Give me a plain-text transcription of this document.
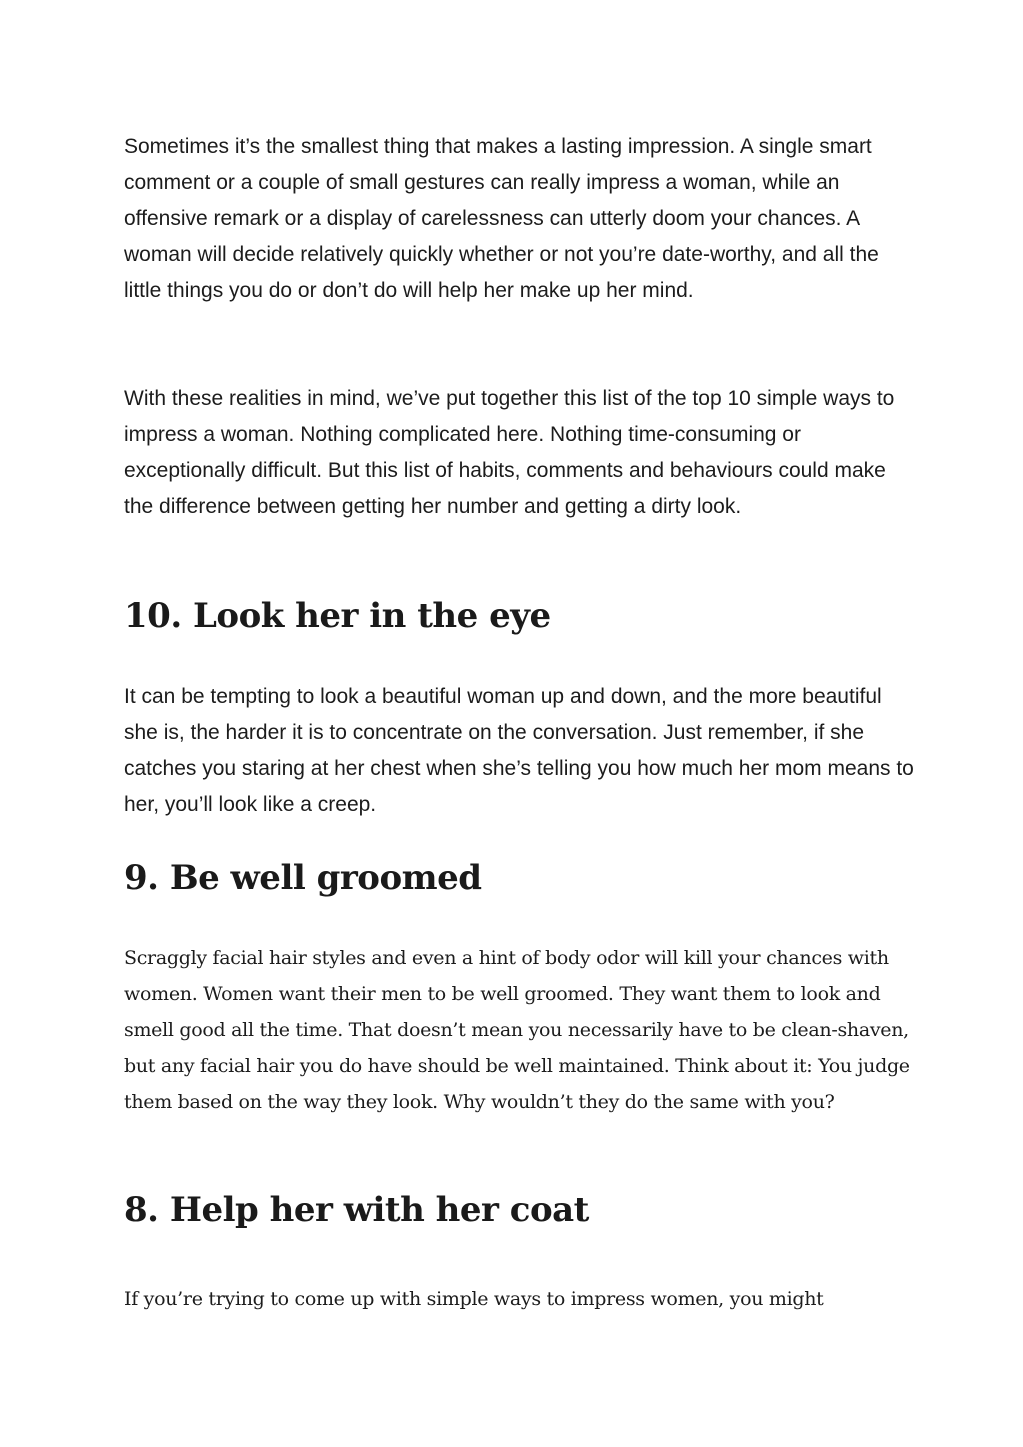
Sometimes it’s the smallest thing that makes a lasting impression. A single smart comment or a couple of small gestures can really impress a woman, while an offensive remark or a display of carelessness can utterly doom your chances. A woman will decide relatively quickly whether or not you’re date-worthy, and all the little things you do or don’t do will help her make up her mind.

With these realities in mind, we’ve put together this list of the top 10 simple ways to impress a woman. Nothing complicated here. Nothing time-consuming or exceptionally difficult. But this list of habits, comments and behaviours could make the difference between getting her number and getting a dirty look.

10. Look her in the eye

It can be tempting to look a beautiful woman up and down, and the more beautiful she is, the harder it is to concentrate on the conversation. Just remember, if she catches you staring at her chest when she’s telling you how much her mom means to her, you’ll look like a creep.

9. Be well groomed

Scraggly facial hair styles and even a hint of body odor will kill your chances with women. Women want their men to be well groomed. They want them to look and smell good all the time. That doesn’t mean you necessarily have to be clean-shaven, but any facial hair you do have should be well maintained. Think about it: You judge them based on the way they look. Why wouldn’t they do the same with you?

8. Help her with her coat

If you’re trying to come up with simple ways to impress women, you might
